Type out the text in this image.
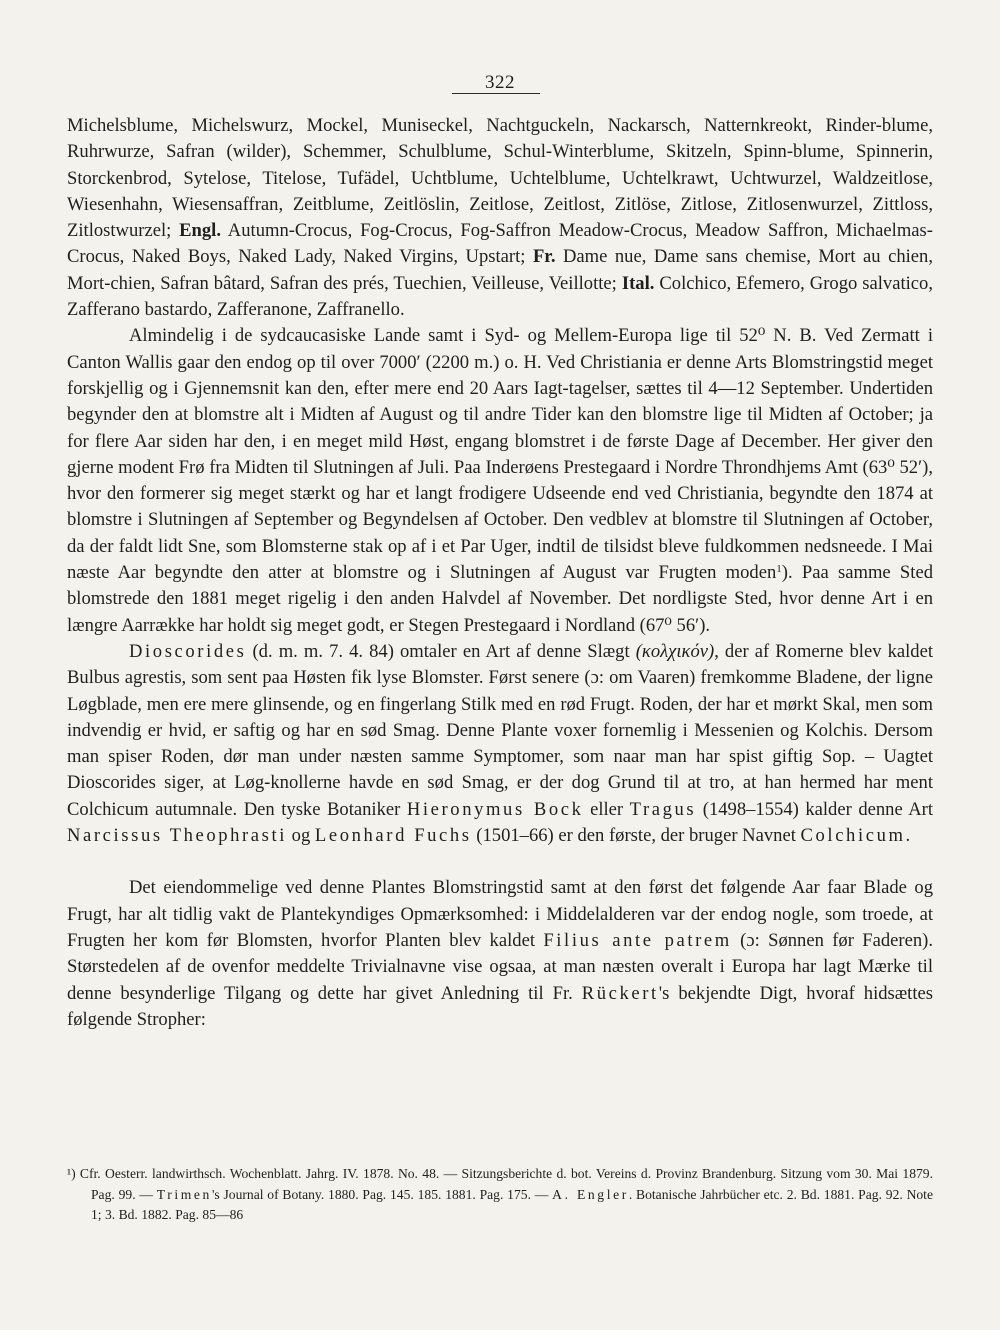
322

Michelsblume, Michelswurz, Mockel, Muniseckel, Nachtguckeln, Nackarsch, Natternkreokt, Rinder-blume, Ruhrwurze, Safran (wilder), Schemmer, Schulblume, Schul-Winterblume, Skitzeln, Spinn-blume, Spinnerin, Storckenbrod, Sytelose, Titelose, Tufädel, Uchtblume, Uchtelblume, Uchtelkrawt, Uchtwurzel, Waldzeitlose, Wiesenhahn, Wiesensaffran, Zeitblume, Zeitlöslin, Zeitlose, Zeitlost, Zitlöse, Zitlose, Zitlosenwurzel, Zittloss, Zitlostwurzel; Engl. Autumn-Crocus, Fog-Crocus, Fog-Saffron Meadow-Crocus, Meadow Saffron, Michaelmas-Crocus, Naked Boys, Naked Lady, Naked Virgins, Upstart; Fr. Dame nue, Dame sans chemise, Mort au chien, Mort-chien, Safran bâtard, Safran des prés, Tuechien, Veilleuse, Veillotte; Ital. Colchico, Efemero, Grogo salvatico, Zafferano bastardo, Zafferanone, Zaffranello.

Almindelig i de sydcaucasiske Lande samt i Syd- og Mellem-Europa lige til 52⁰ N. B. Ved Zermatt i Canton Wallis gaar den endog op til over 7000′ (2200 m.) o. H. Ved Christiania er denne Arts Blomstringstid meget forskjellig og i Gjennemsnit kan den, efter mere end 20 Aars Iagt-tagelser, sættes til 4—12 September. Undertiden begynder den at blomstre alt i Midten af August og til andre Tider kan den blomstre lige til Midten af October; ja for flere Aar siden har den, i en meget mild Høst, engang blomstret i de første Dage af December. Her giver den gjerne modent Frø fra Midten til Slutningen af Juli. Paa Inderøens Prestegaard i Nordre Throndhjems Amt (63⁰ 52′), hvor den formerer sig meget stærkt og har et langt frodigere Udseende end ved Christiania, begyndte den 1874 at blomstre i Slutningen af September og Begyndelsen af October. Den vedblev at blomstre til Slutningen af October, da der faldt lidt Sne, som Blomsterne stak op af i et Par Uger, indtil de tilsidst bleve fuldkommen nedsneede. I Mai næste Aar begyndte den atter at blomstre og i Slutningen af August var Frugten moden$^1$). Paa samme Sted blomstrede den 1881 meget rigelig i den anden Halvdel af November. Det nordligste Sted, hvor denne Art i en længre Aarrække har holdt sig meget godt, er Stegen Prestegaard i Nordland (67⁰ 56′).

Dioscorides (d. m. m. 7. 4. 84) omtaler en Art af denne Slægt (κολχικόν), der af Romerne blev kaldet Bulbus agrestis, som sent paa Høsten fik lyse Blomster. Først senere (ɔ: om Vaaren) fremkomme Bladene, der ligne Løgblade, men ere mere glinsende, og en fingerlang Stilk med en rød Frugt. Roden, der har et mørkt Skal, men som indvendig er hvid, er saftig og har en sød Smag. Denne Plante voxer fornemlig i Messenien og Kolchis. Dersom man spiser Roden, dør man under næsten samme Symptomer, som naar man har spist giftig Sop. – Uagtet Dioscorides siger, at Løg-knollerne havde en sød Smag, er der dog Grund til at tro, at han hermed har ment Colchicum autumnale. Den tyske Botaniker Hieronymus Bock eller Tragus (1498–1554) kalder denne Art Narcissus Theophrasti og Leonhard Fuchs (1501–66) er den første, der bruger Navnet Colchicum.

Det eiendommelige ved denne Plantes Blomstringstid samt at den først det følgende Aar faar Blade og Frugt, har alt tidlig vakt de Plantekyndiges Opmærksomhed: i Middelalderen var der endog nogle, som troede, at Frugten her kom før Blomsten, hvorfor Planten blev kaldet Filius ante patrem (ɔ: Sønnen før Faderen). Størstedelen af de ovenfor meddelte Trivialnavne vise ogsaa, at man næsten overalt i Europa har lagt Mærke til denne besynderlige Tilgang og dette har givet Anledning til Fr. Rückert's bekjendte Digt, hvoraf hidsættes følgende Stropher:

¹) Cfr. Oesterr. landwirthsch. Wochenblatt. Jahrg. IV. 1878. No. 48. — Sitzungsberichte d. bot. Vereins d. Provinz Brandenburg. Sitzung vom 30. Mai 1879. Pag. 99. — Trimen's Journal of Botany. 1880. Pag. 145. 185. 1881. Pag. 175. — A. Engler. Botanische Jahrbücher etc. 2. Bd. 1881. Pag. 92. Note 1; 3. Bd. 1882. Pag. 85—86
